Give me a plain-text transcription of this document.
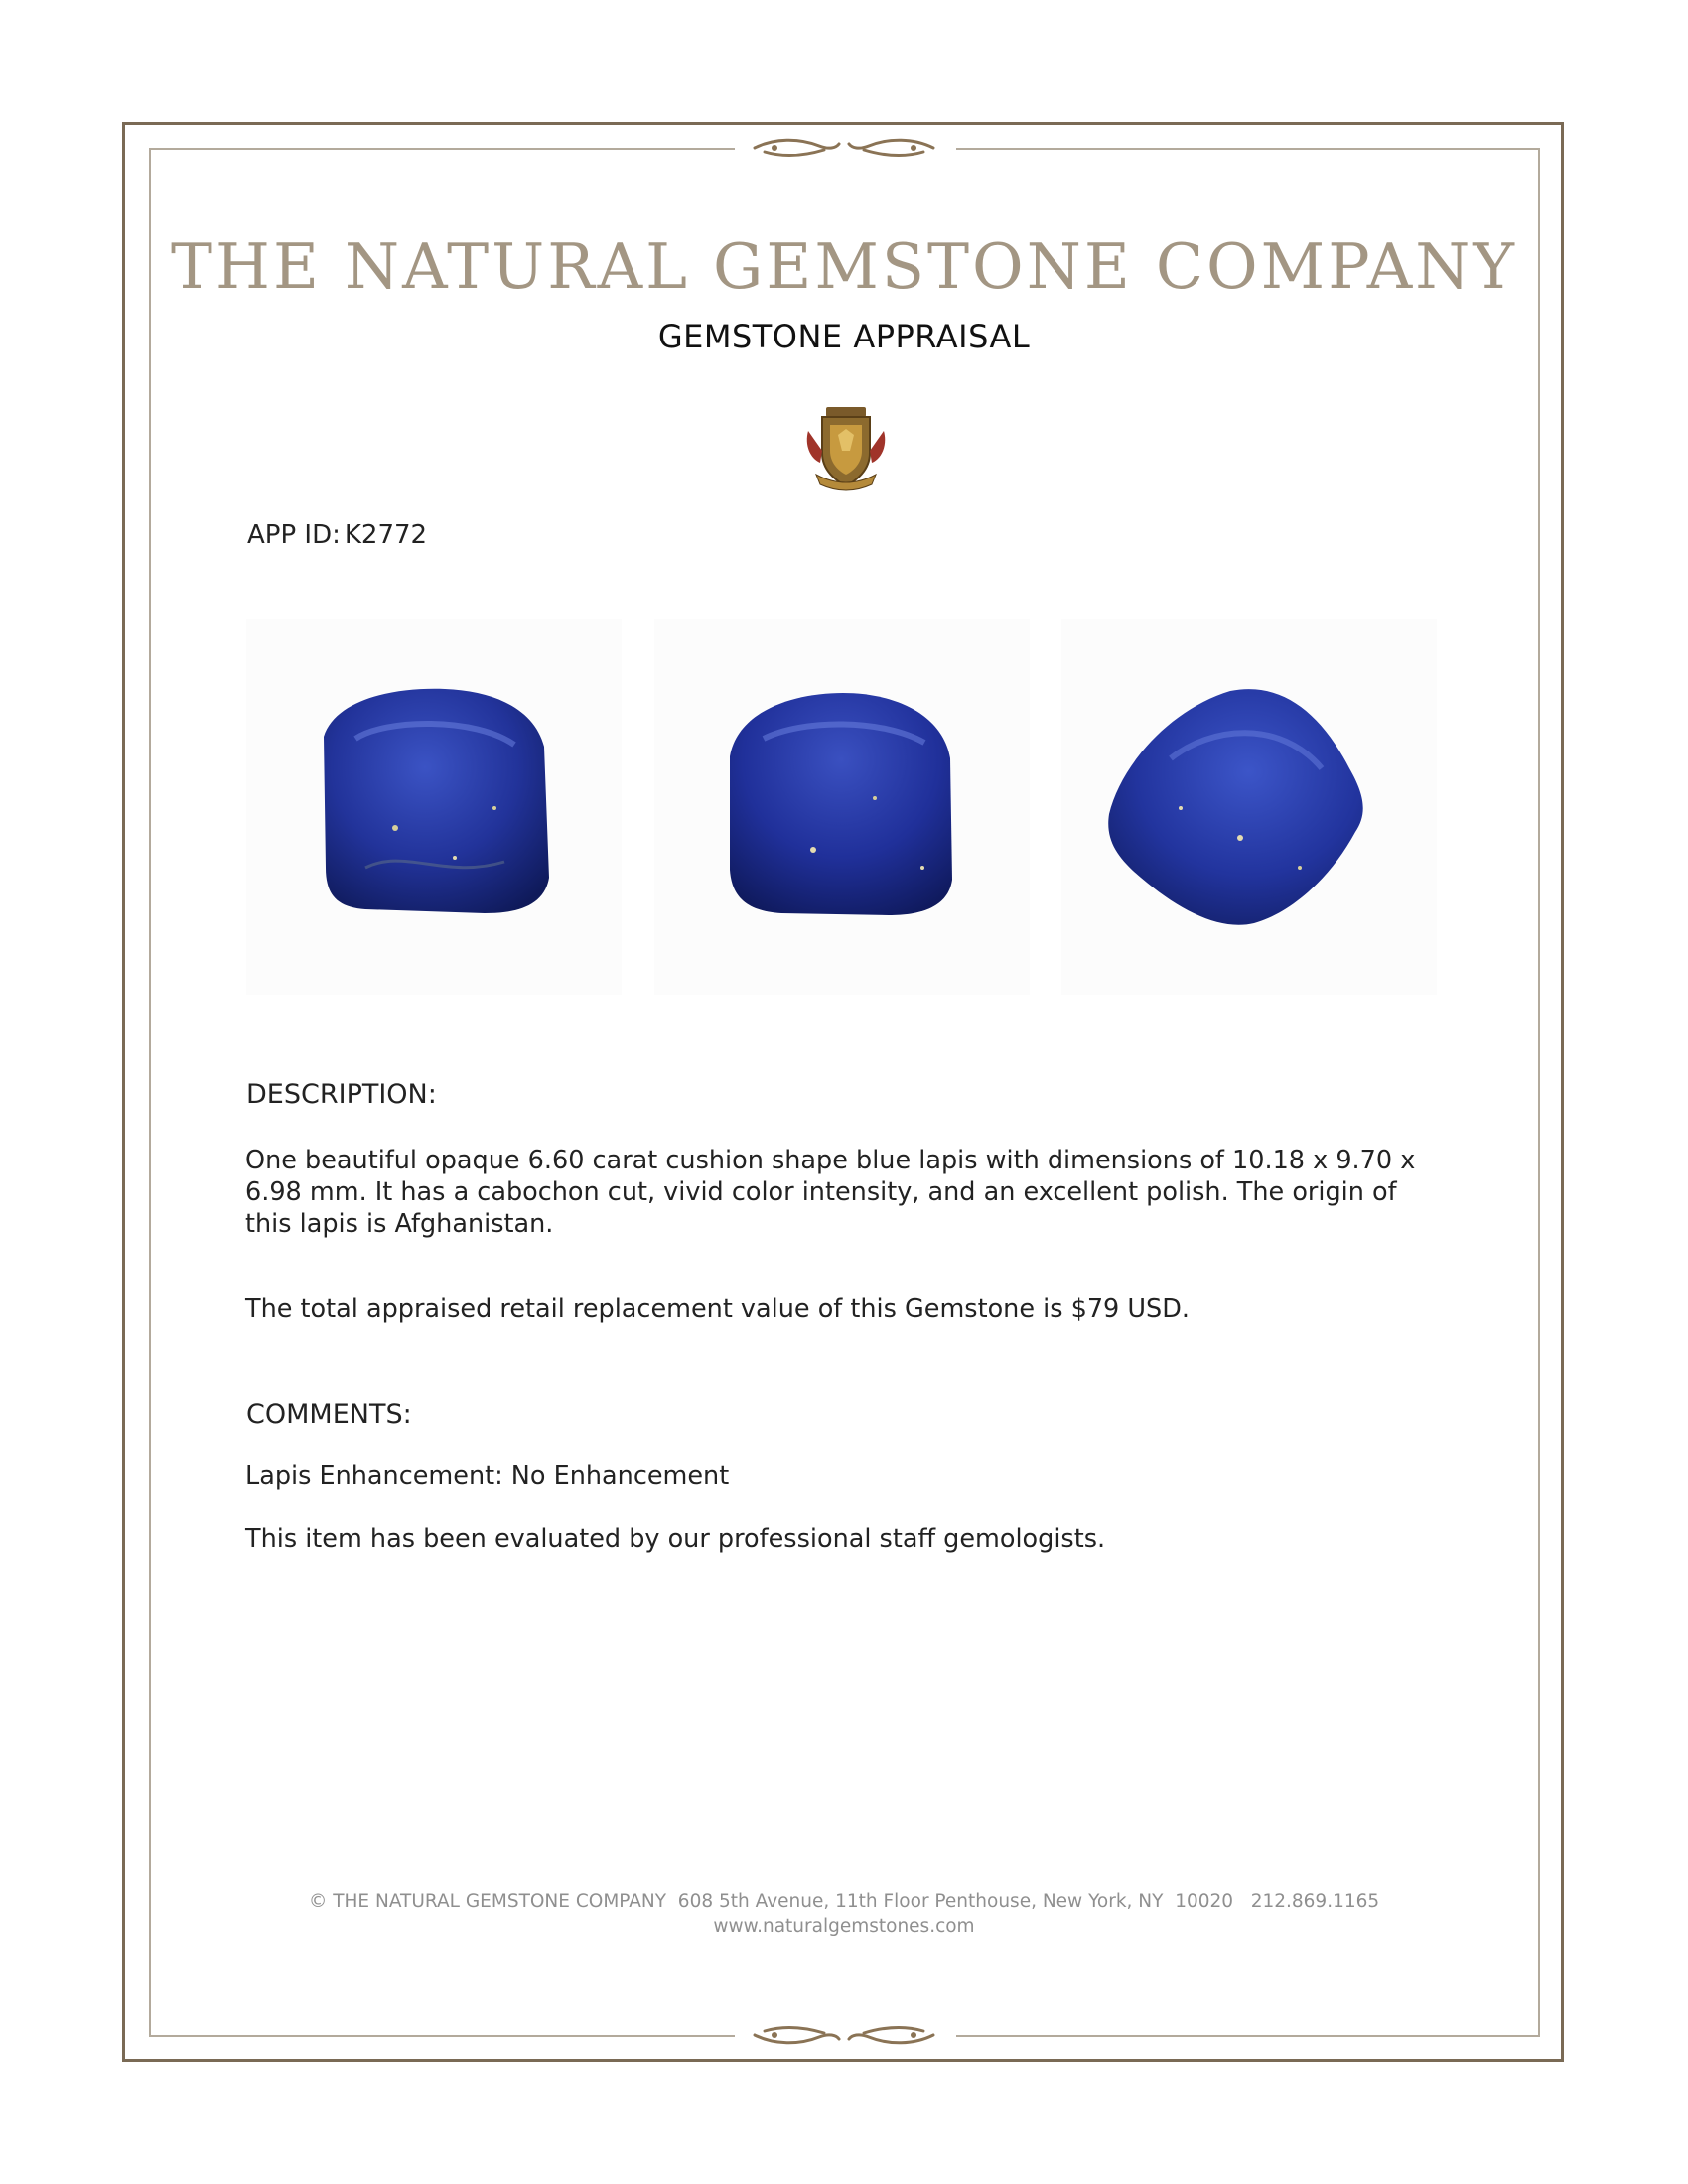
THE NATURAL GEMSTONE COMPANY
GEMSTONE APPRAISAL
APP ID: K2772
DESCRIPTION:
One beautiful opaque 6.60 carat cushion shape blue lapis with dimensions of 10.18 x 9.70 x 6.98 mm. It has a cabochon cut, vivid color intensity, and an excellent polish. The origin of this lapis is Afghanistan.
The total appraised retail replacement value of this Gemstone is $79 USD.
COMMENTS:
Lapis Enhancement: No Enhancement
This item has been evaluated by our professional staff gemologists.
© THE NATURAL GEMSTONE COMPANY  608 5th Avenue, 11th Floor Penthouse, New York, NY  10020   212.869.1165
www.naturalgemstones.com
